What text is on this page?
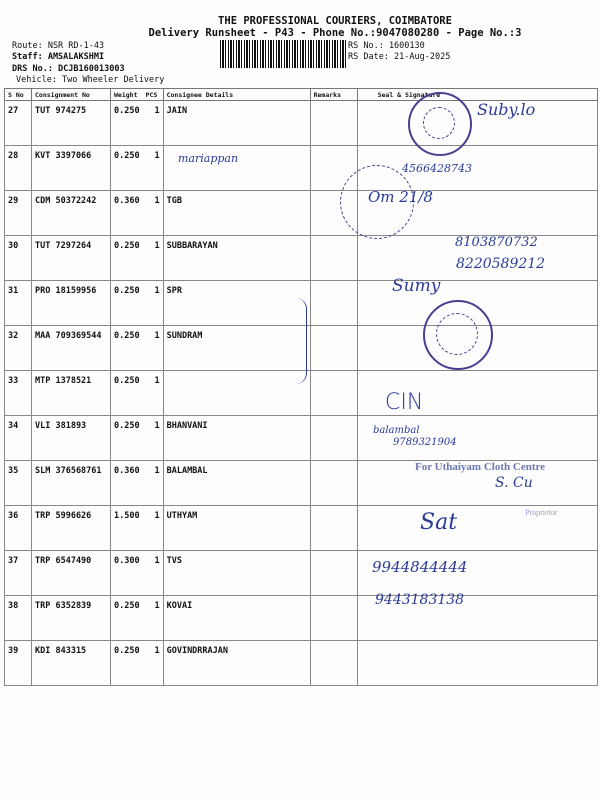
THE PROFESSIONAL COURIERS, COIMBATORE
Delivery Runsheet - P43 - Phone No.:9047080280 - Page No.:3
Route: NSR RD-1-43
Staff: AMSALAKSHMI
DRS No.: DCJB160013003
Vehicle: Two Wheeler Delivery
RS No.: 1600130
RS Date: 21-Aug-2025
S No	Consignment No	Weight	PCS	Consignee Details	Remarks	Seal & Signature
27	TUT 974275	0.250	1	JAIN		
28	KVT 3397066	0.250	1			
29	CDM 50372242	0.360	1	TGB		
30	TUT 7297264	0.250	1	SUBBARAYAN		
31	PRO 18159956	0.250	1	SPR		
32	MAA 709369544	0.250	1	SUNDRAM		
33	MTP 1378521	0.250	1			
34	VLI 381893	0.250	1	BHANVANI		
35	SLM 376568761	0.360	1	BALAMBAL		
36	TRP 5996626	1.500	1	UTHYAM		
37	TRP 6547490	0.300	1	TVS		
38	TRP 6352839	0.250	1	KOVAI		
39	KDI 843315	0.250	1	GOVINDRRAJAN		
Suby.lo
mariappan
4566428743
Om 21/8
8103870732
8220589212
Sumy
CIN
balambal
9789321904
For Uthaiyam Cloth Centre
S. Cu
Proprietor
Sat
9944844444
9443183138
